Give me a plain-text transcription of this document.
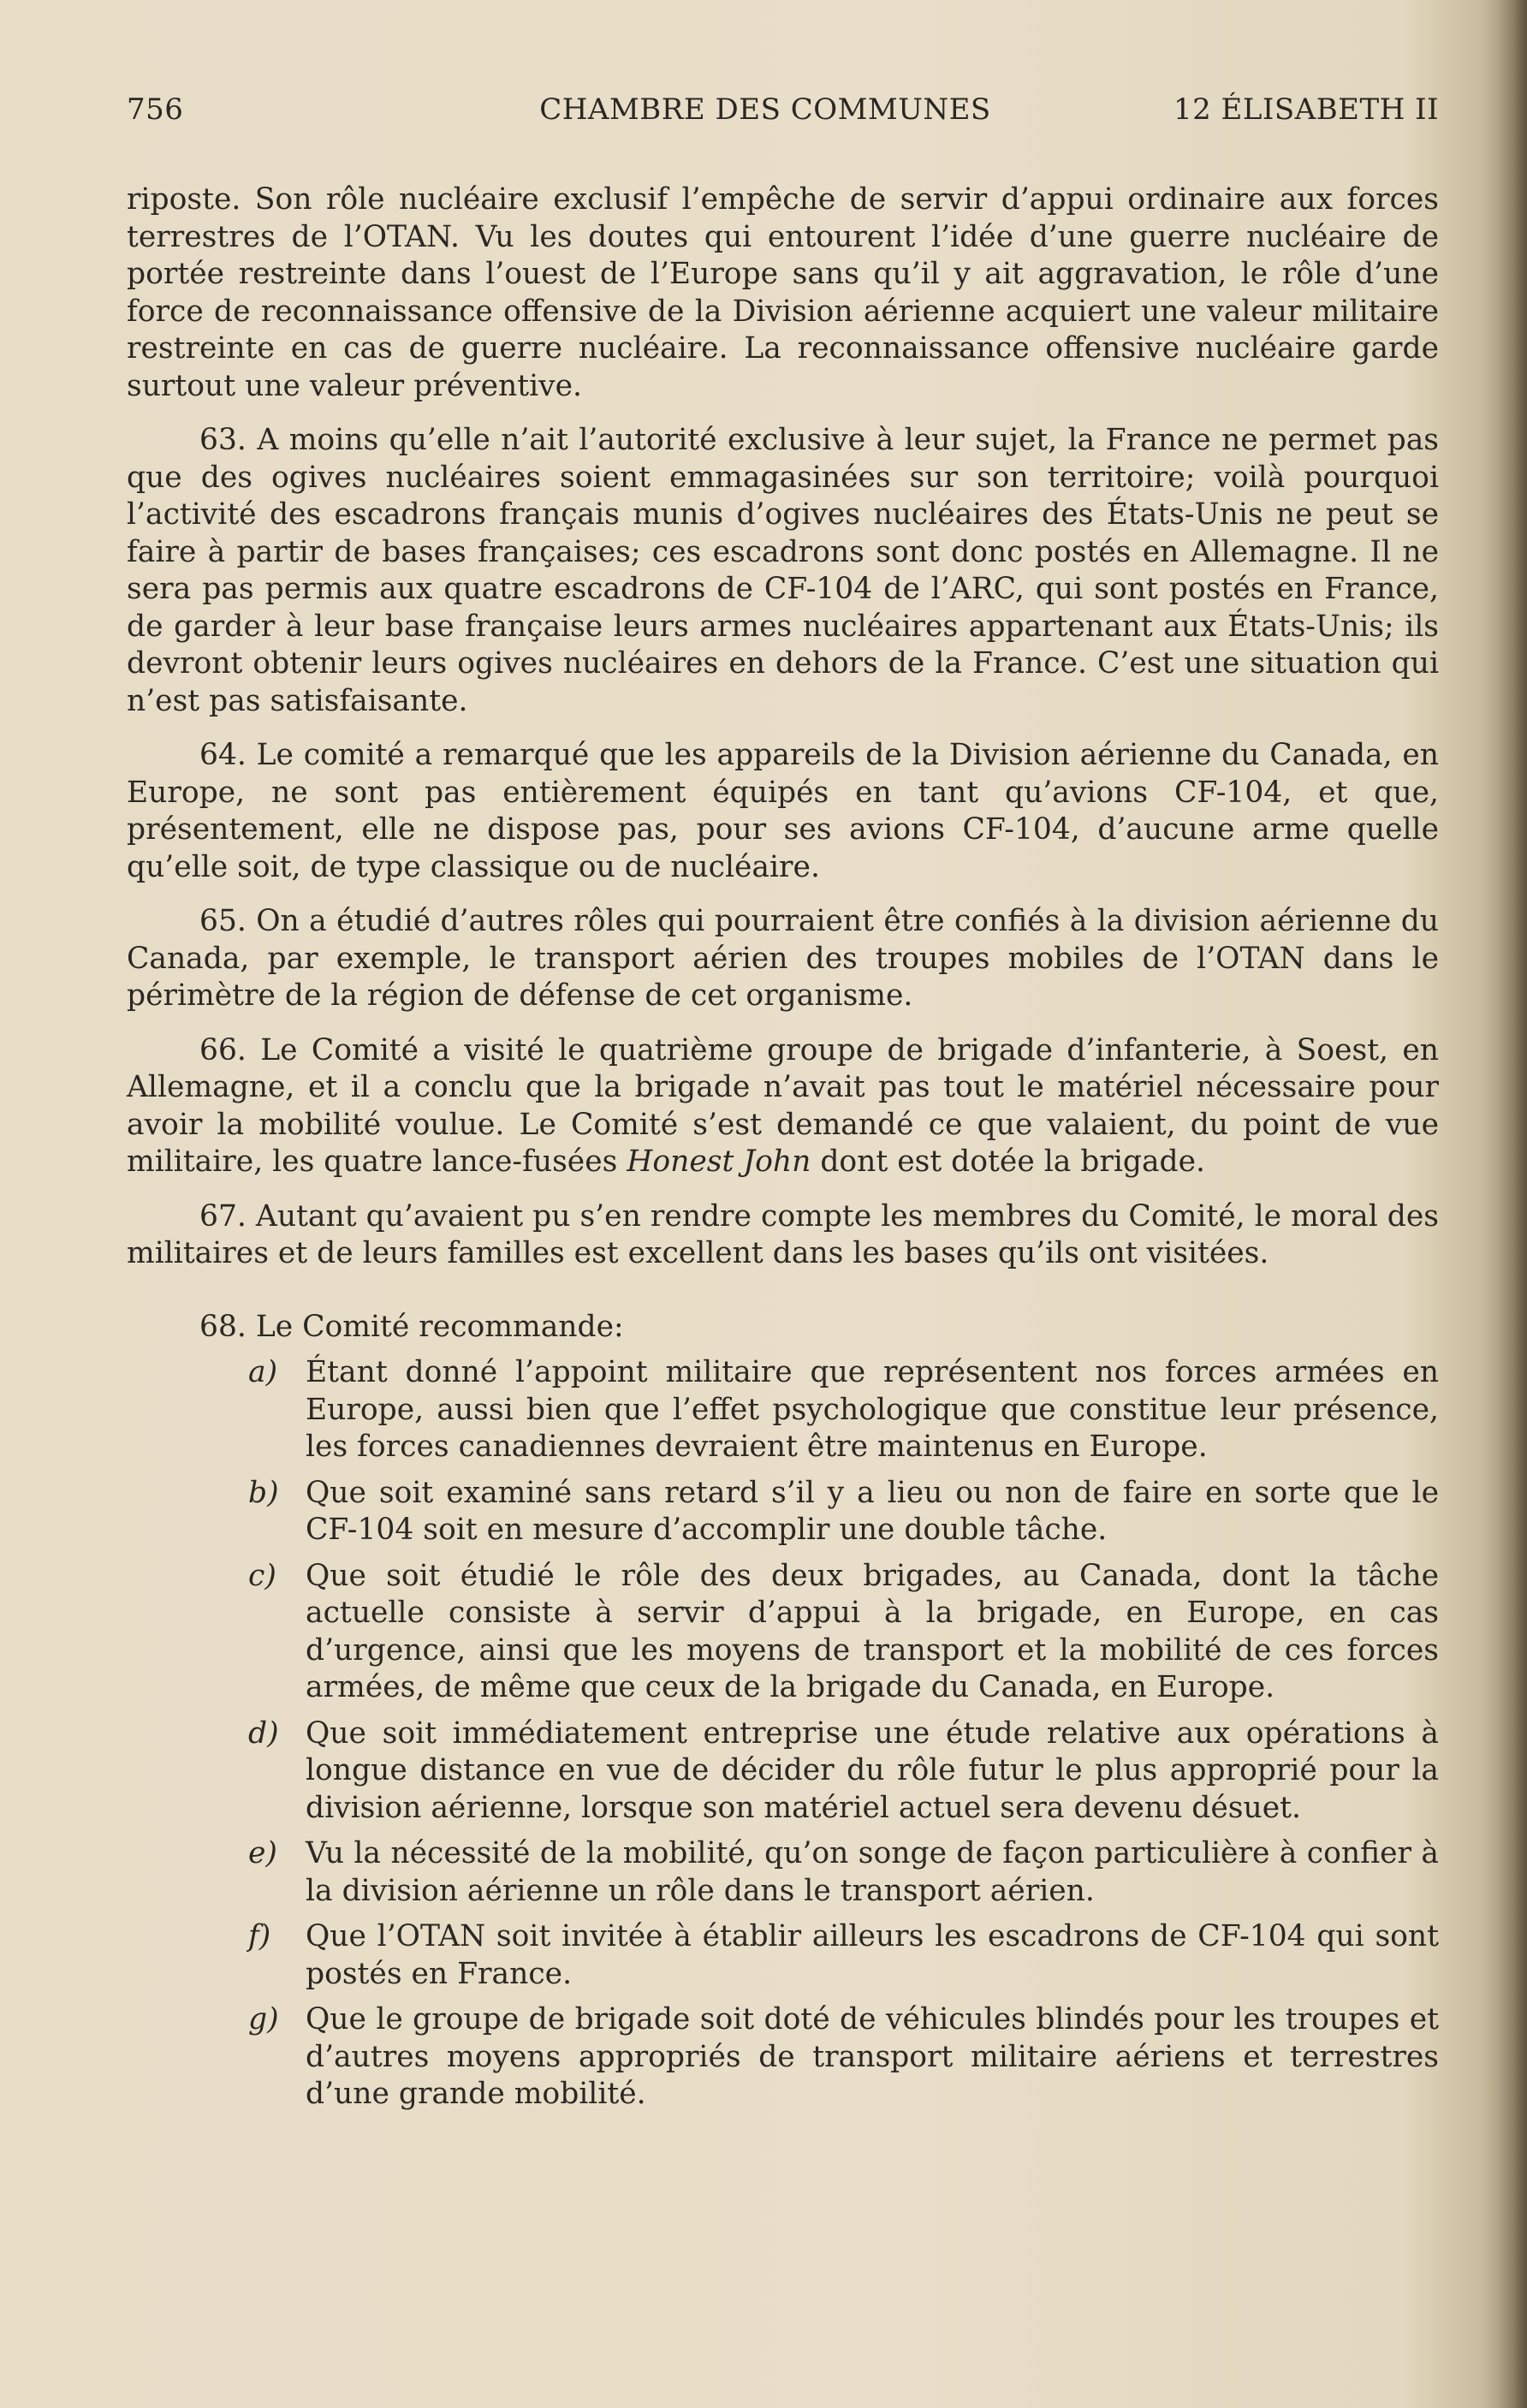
756	CHAMBRE DES COMMUNES	12 ÉLISABETH II

riposte. Son rôle nucléaire exclusif l’empêche de servir d’appui ordinaire aux forces terrestres de l’OTAN. Vu les doutes qui entourent l’idée d’une guerre nucléaire de portée restreinte dans l’ouest de l’Europe sans qu’il y ait aggravation, le rôle d’une force de reconnaissance offensive de la Division aérienne acquiert une valeur militaire restreinte en cas de guerre nucléaire. La reconnaissance offensive nucléaire garde surtout une valeur préventive.

63. A moins qu’elle n’ait l’autorité exclusive à leur sujet, la France ne permet pas que des ogives nucléaires soient emmagasinées sur son territoire; voilà pourquoi l’activité des escadrons français munis d’ogives nucléaires des États-Unis ne peut se faire à partir de bases françaises; ces escadrons sont donc postés en Allemagne. Il ne sera pas permis aux quatre escadrons de CF-104 de l’ARC, qui sont postés en France, de garder à leur base française leurs armes nucléaires appartenant aux États-Unis; ils devront obtenir leurs ogives nucléaires en dehors de la France. C’est une situation qui n’est pas satisfaisante.

64. Le comité a remarqué que les appareils de la Division aérienne du Canada, en Europe, ne sont pas entièrement équipés en tant qu’avions CF-104, et que, présentement, elle ne dispose pas, pour ses avions CF-104, d’aucune arme quelle qu’elle soit, de type classique ou de nucléaire.

65. On a étudié d’autres rôles qui pourraient être confiés à la division aérienne du Canada, par exemple, le transport aérien des troupes mobiles de l’OTAN dans le périmètre de la région de défense de cet organisme.

66. Le Comité a visité le quatrième groupe de brigade d’infanterie, à Soest, en Allemagne, et il a conclu que la brigade n’avait pas tout le matériel nécessaire pour avoir la mobilité voulue. Le Comité s’est demandé ce que valaient, du point de vue militaire, les quatre lance-fusées Honest John dont est dotée la brigade.

67. Autant qu’avaient pu s’en rendre compte les membres du Comité, le moral des militaires et de leurs familles est excellent dans les bases qu’ils ont visitées.

68. Le Comité recommande:

a) Étant donné l’appoint militaire que représentent nos forces armées en Europe, aussi bien que l’effet psychologique que constitue leur présence, les forces canadiennes devraient être maintenus en Europe.
b) Que soit examiné sans retard s’il y a lieu ou non de faire en sorte que le CF-104 soit en mesure d’accomplir une double tâche.
c) Que soit étudié le rôle des deux brigades, au Canada, dont la tâche actuelle consiste à servir d’appui à la brigade, en Europe, en cas d’urgence, ainsi que les moyens de transport et la mobilité de ces forces armées, de même que ceux de la brigade du Canada, en Europe.
d) Que soit immédiatement entreprise une étude relative aux opérations à longue distance en vue de décider du rôle futur le plus approprié pour la division aérienne, lorsque son matériel actuel sera devenu désuet.
e) Vu la nécessité de la mobilité, qu’on songe de façon particulière à confier à la division aérienne un rôle dans le transport aérien.
f) Que l’OTAN soit invitée à établir ailleurs les escadrons de CF-104 qui sont postés en France.
g) Que le groupe de brigade soit doté de véhicules blindés pour les troupes et d’autres moyens appropriés de transport militaire aériens et terrestres d’une grande mobilité.
